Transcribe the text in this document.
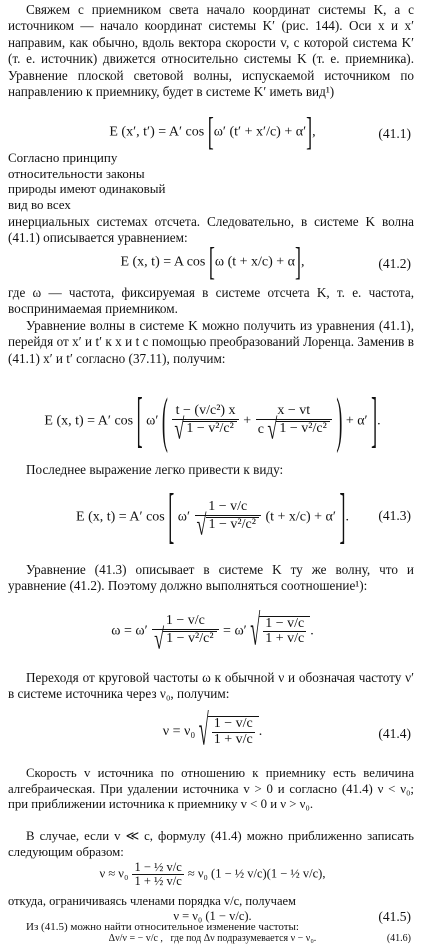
Свяжем с приемником света начало координат системы K, а с источником — начало координат системы K′ (рис. 144). Оси x и x′ направим, как обычно, вдоль вектора скорости v, с которой система K′ (т. е. источник) движется относительно системы K (т. е. приемника). Уравнение плоской световой волны, испускаемой источником по направлению к приемнику, будет в системе K′ иметь вид¹)

E (x′, t′) = A′ cos [ω′ (t′ + x′/c) + α′],	(41.1)
Согласно принципу относительности законы природы имеют одинаковый вид во всех

инерциальных системах отсчета. Следовательно, в системе K волна (41.1) описывается уравнением:

E (x, t) = A cos [ω (t + x/c) + α],	(41.2)

где ω — частота, фиксируемая в системе отсчета K, т. е. частота, воспринимаемая приемником.

Уравнение волны в системе K можно получить из уравнения (41.1), перейдя от x′ и t′ к x и t с помощью преобразований Лоренца. Заменив в (41.1) x′ и t′ согласно (37.11), получим:

E (x, t) = A′ cos [ ω′ ( $\frac{\text{t − (v/c²) x}}{\text{√ 1 − v²/c²}} + \frac{x - vt}{\text{c √ 1 − v²/c²}}$ ) + α′ ].

Последнее выражение легко привести к виду:

E (x, t) = A′ cos [ $\omega' \frac{1 - v/c}{\text{√ 1 − v²/c²}} (t + x/c) + \alpha'$ ].	(41.3)

Уравнение (41.3) описывает в системе K ту же волну, что и уравнение (41.2). Поэтому должно выполняться соотношение¹):

$\omega = \omega' \frac{1 - v/c}{\text{√ 1 − v²/c²}} = \omega'$ √ $\frac{1 - v/c}{1 + v/c}$ .

Переходя от круговой частоты ω к обычной ν и обозначая частоту ν′ в системе источника через ν₀, получим:

ν = ν₀ √ $\frac{1 - v/c}{1 + v/c}$ .	(41.4)

Скорость v источника по отношению к приемнику есть величина алгебраическая. При удалении источника v > 0 и согласно (41.4) ν < ν₀; при приближении источника к приемнику v < 0 и ν > ν₀.

В случае, если v ≪ c, формулу (41.4) можно приближенно записать следующим образом:

$\nu \approx \nu_0 \frac{\text{1 − ½ v/c}}{\text{1 + ½ v/c}} \approx \nu_0$ (1 − ½ v/c)(1 − ½ v/c),

откуда, ограничиваясь членами порядка v/c, получаем

ν = ν₀ (1 − v/c).	(41.5)

Из (41.5) можно найти относительное изменение частоты:

Δν/ν = − v/c , где под Δν подразумевается ν − ν₀.	(41.6)
